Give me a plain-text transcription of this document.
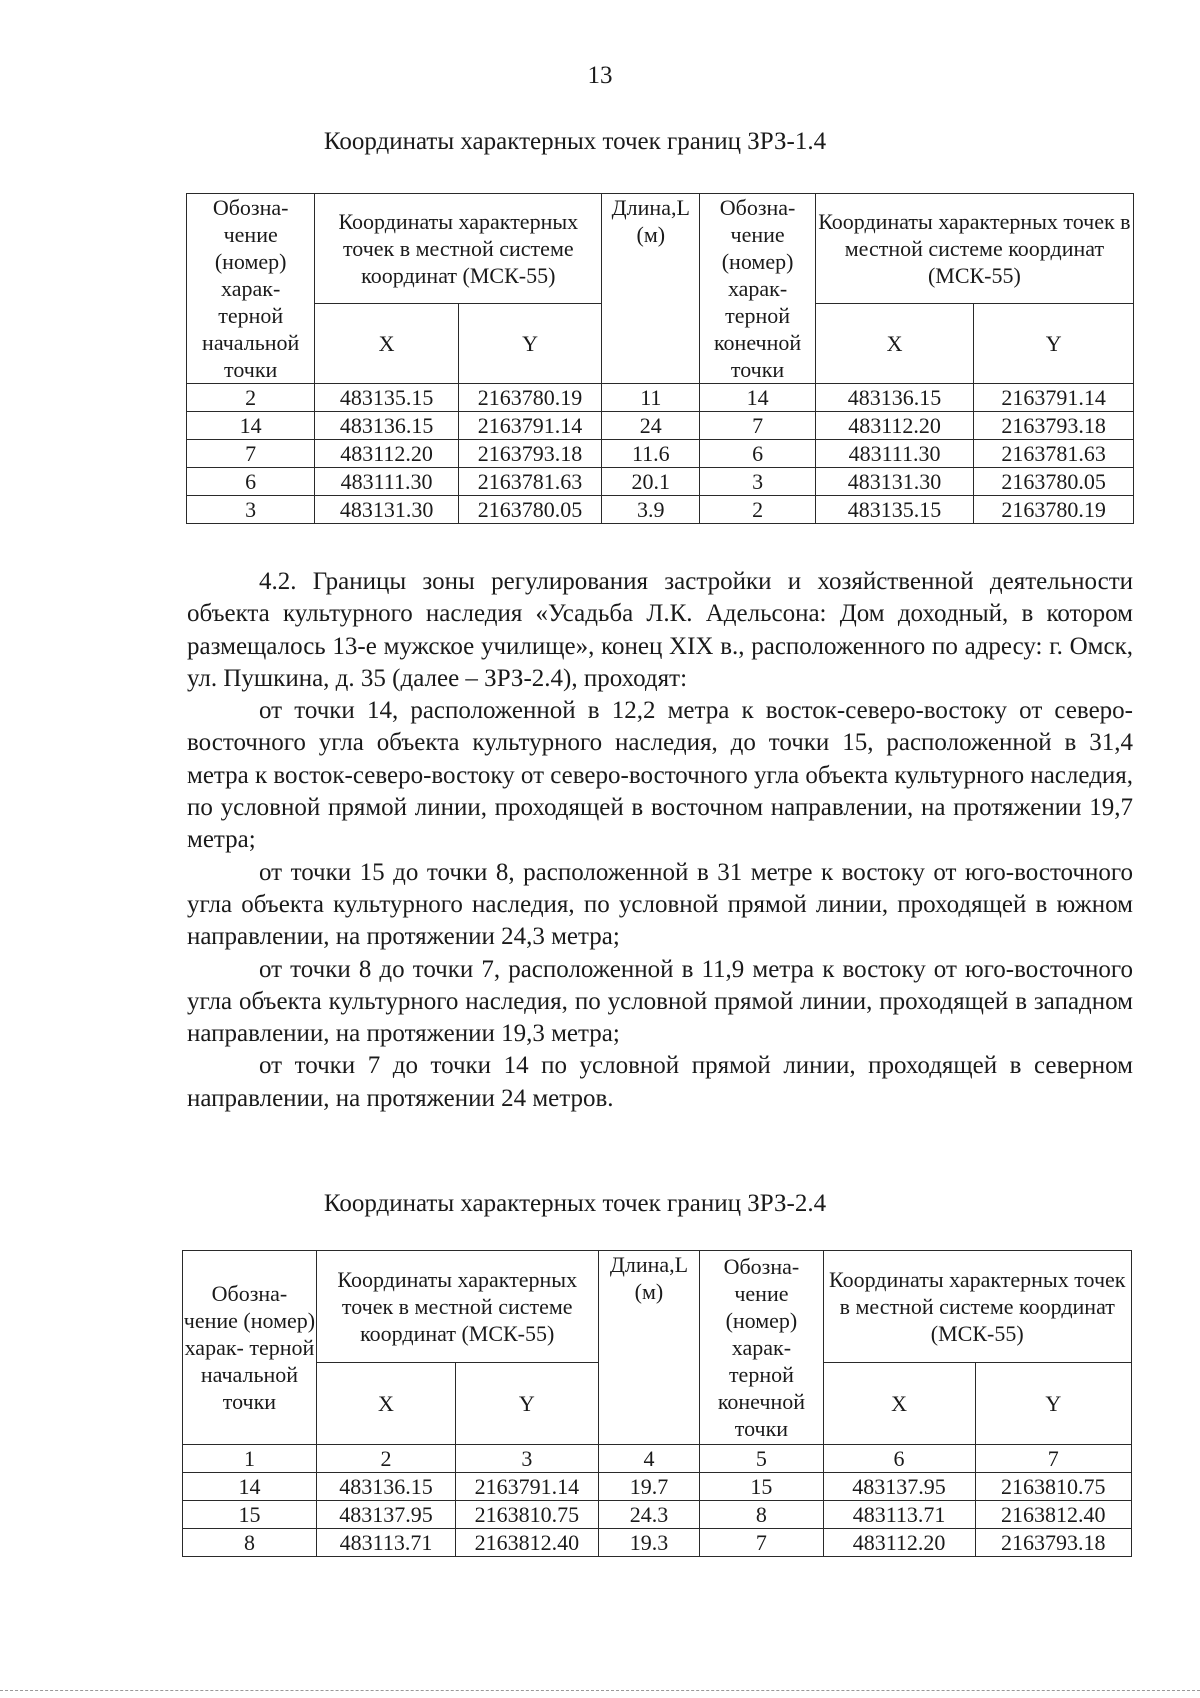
13
Координаты характерных точек границ ЗРЗ-1.4
Обозна- чение (номер) харак- терной начальной точки	Координаты характерных точек в местной системе координат (МСК-55)		Длина,L (м)	Обозна- чение (номер) харак- терной конечной точки	Координаты характерных точек в местной системе координат (МСК-55)	
	X	Y			X	Y
2	483135.15	2163780.19	11	14	483136.15	2163791.14
14	483136.15	2163791.14	24	7	483112.20	2163793.18
7	483112.20	2163793.18	11.6	6	483111.30	2163781.63
6	483111.30	2163781.63	20.1	3	483131.30	2163780.05
3	483131.30	2163780.05	3.9	2	483135.15	2163780.19

4.2. Границы зоны регулирования застройки и хозяйственной деятельности объекта культурного наследия «Усадьба Л.К. Адельсона: Дом доходный, в котором размещалось 13-е мужское училище», конец XIX в., расположенного по адресу: г. Омск, ул. Пушкина, д. 35 (далее – ЗРЗ-2.4), проходят:

от точки 14, расположенной в 12,2 метра к восток-северо-востоку от северо-восточного угла объекта культурного наследия, до точки 15, расположенной в 31,4 метра к восток-северо-востоку от северо-восточного угла объекта культурного наследия, по условной прямой линии, проходящей в восточном направлении, на протяжении 19,7 метра;

от точки 15 до точки 8, расположенной в 31 метре к востоку от юго-восточного угла объекта культурного наследия, по условной прямой линии, проходящей в южном направлении, на протяжении 24,3 метра;

от точки 8 до точки 7, расположенной в 11,9 метра к востоку от юго-восточного угла объекта культурного наследия, по условной прямой линии, проходящей в западном направлении, на протяжении 19,3 метра;

от точки 7 до точки 14 по условной прямой линии, проходящей в северном направлении, на протяжении 24 метров.

Координаты характерных точек границ ЗРЗ-2.4
Обозна- чение (номер) харак- терной начальной точки	Координаты характерных точек в местной системе координат (МСК-55)		Длина,L (м)	Обозна- чение (номер) харак- терной конечной точки	Координаты характерных точек в местной системе координат (МСК-55)	
	X	Y			X	Y
1	2	3	4	5	6	7
14	483136.15	2163791.14	19.7	15	483137.95	2163810.75
15	483137.95	2163810.75	24.3	8	483113.71	2163812.40
8	483113.71	2163812.40	19.3	7	483112.20	2163793.18
